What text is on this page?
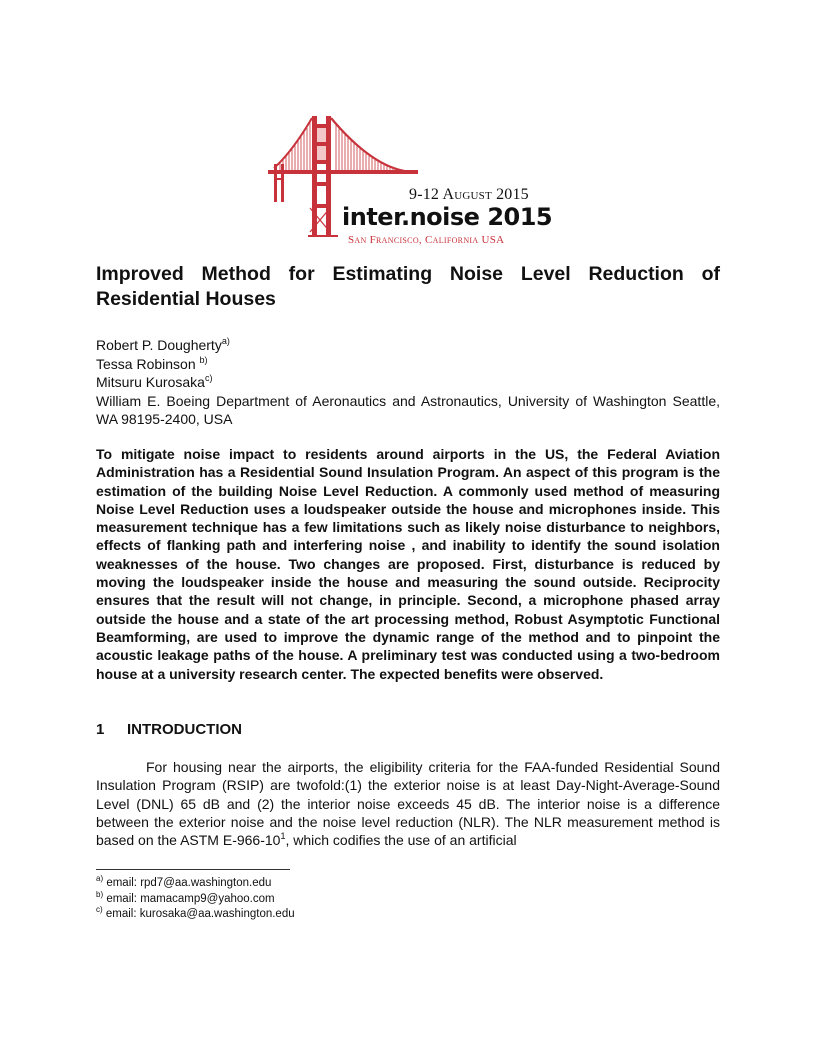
9-12 August 2015
inter.noise 2015
San Francisco, California USA
Improved Method for Estimating Noise Level Reduction of Residential Houses
Robert P. Dougherty$^{a)}$
Tessa Robinson $^{b)}$
Mitsuru Kurosaka$^{c)}$
William E. Boeing Department of Aeronautics and Astronautics, University of Washington Seattle, WA 98195-2400, USA

To mitigate noise impact to residents around airports in the US, the Federal Aviation Administration has a Residential Sound Insulation Program. An aspect of this program is the estimation of the building Noise Level Reduction. A commonly used method of measuring Noise Level Reduction uses a loudspeaker outside the house and microphones inside. This measurement technique has a few limitations such as likely noise disturbance to neighbors, effects of flanking path and interfering noise , and inability to identify the sound isolation weaknesses of the house. Two changes are proposed. First, disturbance is reduced by moving the loudspeaker inside the house and measuring the sound outside. Reciprocity ensures that the result will not change, in principle. Second, a microphone phased array outside the house and a state of the art processing method, Robust Asymptotic Functional Beamforming, are used to improve the dynamic range of the method and to pinpoint the acoustic leakage paths of the house. A preliminary test was conducted using a two-bedroom house at a university research center. The expected benefits were observed.

1 INTRODUCTION

For housing near the airports, the eligibility criteria for the FAA-funded Residential Sound Insulation Program (RSIP) are twofold:(1) the exterior noise is at least Day-Night-Average-Sound Level (DNL) 65 dB and (2) the interior noise exceeds 45 dB. The interior noise is a difference between the exterior noise and the noise level reduction (NLR). The NLR measurement method is based on the ASTM $E-966-10^1$, which codifies the use of an artificial

$^{a)}$ email: rpd7@aa.washington.edu
$^{b)}$ email: mamacamp9@yahoo.com
$^{c)}$ email: kurosaka@aa.washington.edu
